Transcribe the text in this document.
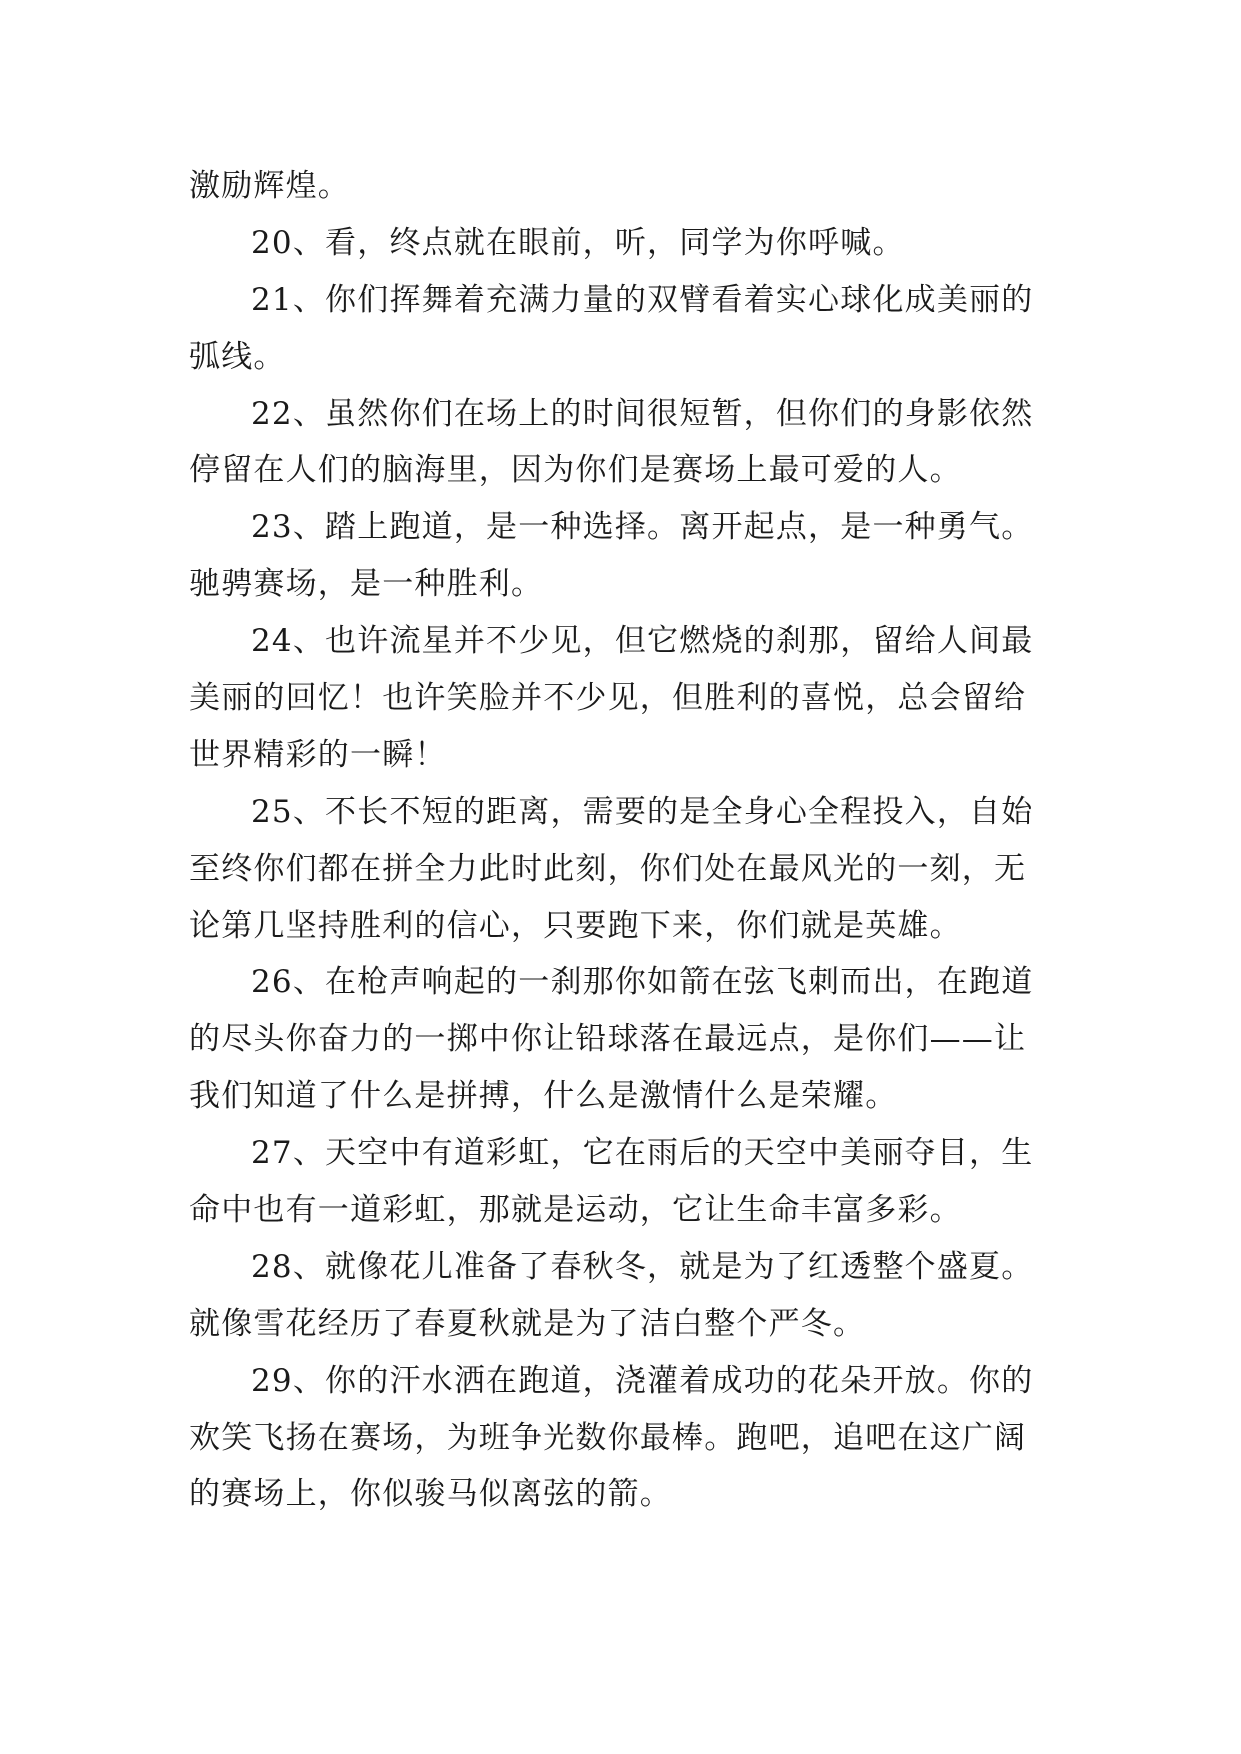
激励辉煌。
20、看，终点就在眼前，听，同学为你呼喊。
21、你们挥舞着充满力量的双臂看着实心球化成美丽的
弧线。
22、虽然你们在场上的时间很短暂，但你们的身影依然
停留在人们的脑海里，因为你们是赛场上最可爱的人。
23、踏上跑道，是一种选择。离开起点，是一种勇气。
驰骋赛场，是一种胜利。
24、也许流星并不少见，但它燃烧的刹那，留给人间最
美丽的回忆！也许笑脸并不少见，但胜利的喜悦，总会留给
世界精彩的一瞬！
25、不长不短的距离，需要的是全身心全程投入，自始
至终你们都在拼全力此时此刻，你们处在最风光的一刻，无
论第几坚持胜利的信心，只要跑下来，你们就是英雄。
26、在枪声响起的一刹那你如箭在弦飞刺而出，在跑道
的尽头你奋力的一掷中你让铅球落在最远点，是你们——让
我们知道了什么是拼搏，什么是激情什么是荣耀。
27、天空中有道彩虹，它在雨后的天空中美丽夺目，生
命中也有一道彩虹，那就是运动，它让生命丰富多彩。
28、就像花儿准备了春秋冬，就是为了红透整个盛夏。
就像雪花经历了春夏秋就是为了洁白整个严冬。
29、你的汗水洒在跑道，浇灌着成功的花朵开放。你的
欢笑飞扬在赛场，为班争光数你最棒。跑吧，追吧在这广阔
的赛场上，你似骏马似离弦的箭。
